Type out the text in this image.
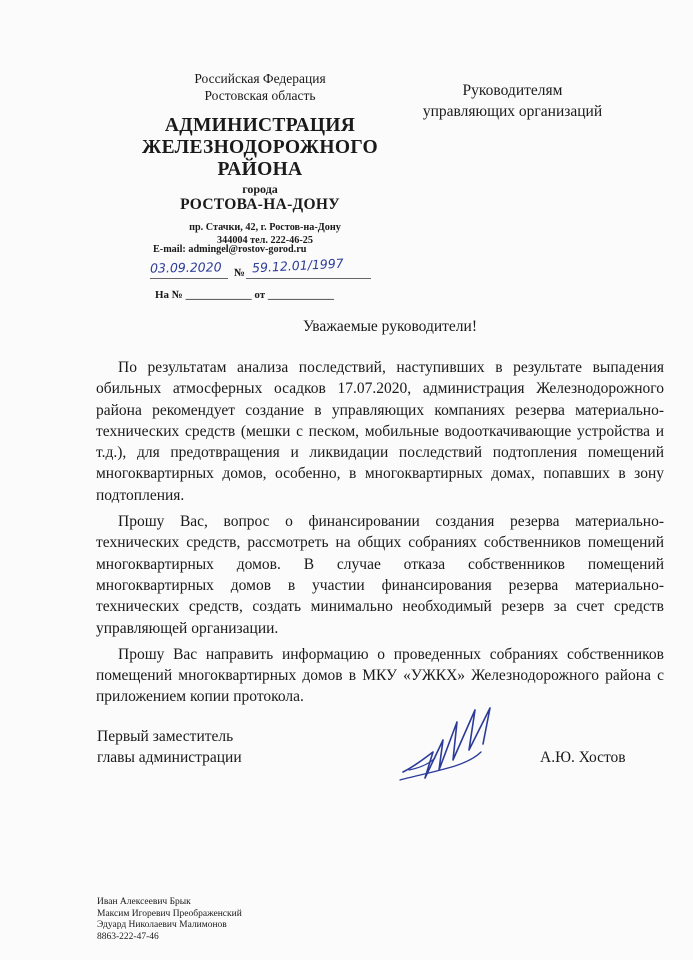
Российская Федерация
Ростовская область
АДМИНИСТРАЦИЯ
ЖЕЛЕЗНОДОРОЖНОГО
РАЙОНА
города
РОСТОВА-НА-ДОНУ
пр. Стачки, 42, г. Ростов-на-Дону
344004 тел. 222-46-25
E-mail: admingel@rostov-gorod.ru
03.09.2020 № 59.12.01/1997
На № ____________ от ____________
Руководителям
управляющих организаций
Уважаемые руководители!

По результатам анализа последствий, наступивших в результате выпадения обильных атмосферных осадков 17.07.2020, администрация Железнодорожного района рекомендует создание в управляющих компаниях резерва материально-технических средств (мешки с песком, мобильные водооткачивающие устройства и т.д.), для предотвращения и ликвидации последствий подтопления помещений многоквартирных домов, особенно, в многоквартирных домах, попавших в зону подтопления.

Прошу Вас, вопрос о финансировании создания резерва материально-технических средств, рассмотреть на общих собраниях собственников помещений многоквартирных домов. В случае отказа собственников помещений многоквартирных домов в участии финансирования резерва материально-технических средств, создать минимально необходимый резерв за счет средств управляющей организации.

Прошу Вас направить информацию о проведенных собраниях собственников помещений многоквартирных домов в МКУ «УЖКХ» Железнодорожного района с приложением копии протокола.

Первый заместитель
главы администрации	А.Ю. Хостов
Иван Алексеевич Брык
Максим Игоревич Преображенский
Эдуард Николаевич Малимонов
8863-222-47-46
